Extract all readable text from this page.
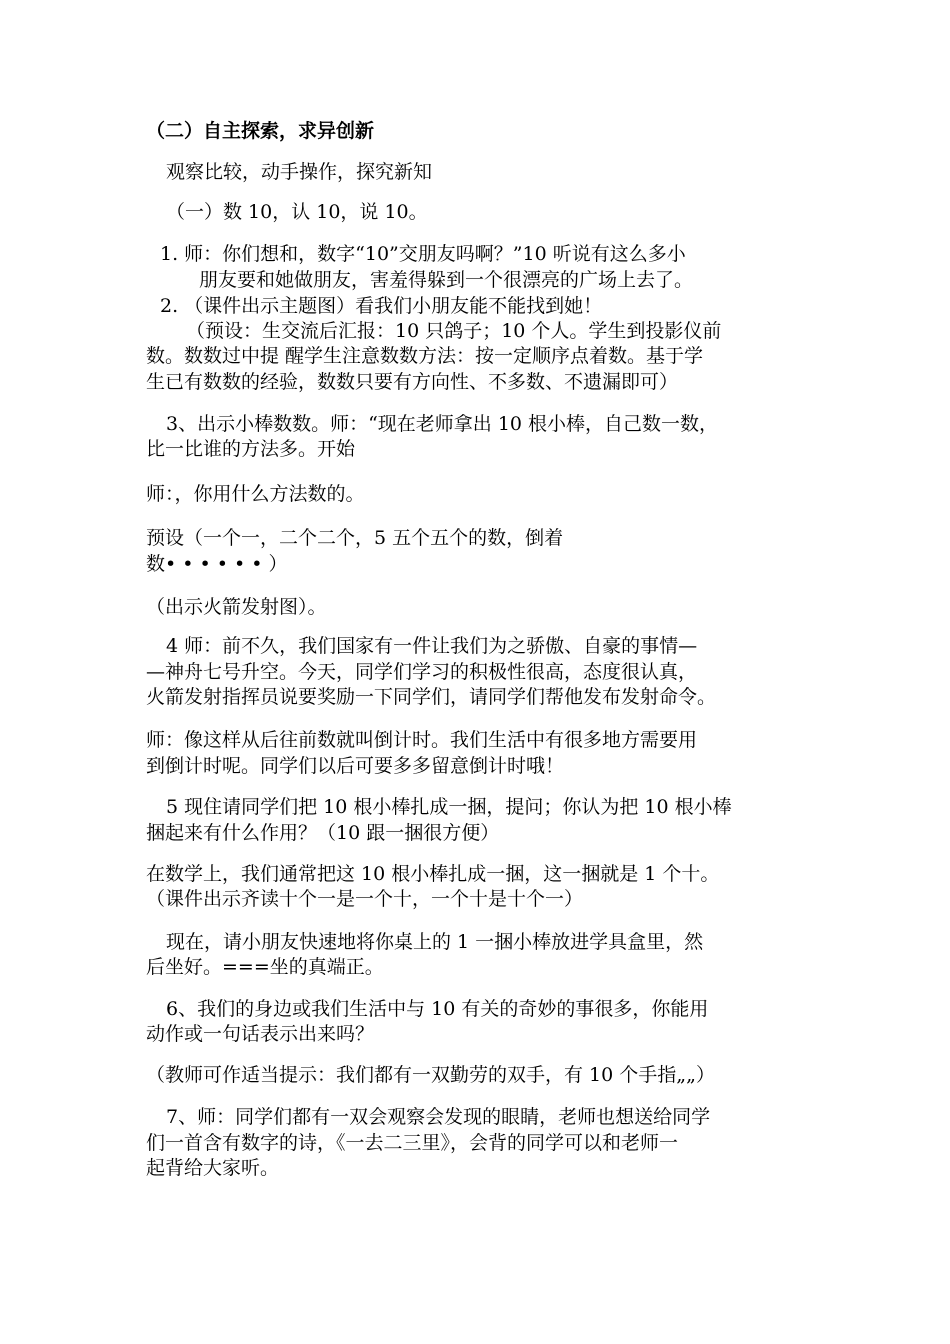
（二）自主探索，求异创新
观察比较，动手操作，探究新知
（一）数 10，认 10，说 10。
1. 师：你们想和，数字“10”交朋友吗啊？”10 听说有这么多小
朋友要和她做朋友，害羞得躲到一个很漂亮的广场上去了。
2. （课件出示主题图）看我们小朋友能不能找到她！
（预设：生交流后汇报：10 只鸽子；10 个人。学生到投影仪前
数。数数过中提 醒学生注意数数方法：按一定顺序点着数。基于学
生已有数数的经验，数数只要有方向性、不多数、不遗漏即可）
3、出示小棒数数。师：“现在老师拿出 10 根小棒，自己数一数，
比一比谁的方法多。开始
师：，你用什么方法数的。
预设（一个一，二个二个，5 五个五个的数，倒着
数• • • • • • ）
（出示火箭发射图）。
4 师：前不久，我们国家有一件让我们为之骄傲、自豪的事情—
—神舟七号升空。今天，同学们学习的积极性很高，态度很认真，
火箭发射指挥员说要奖励一下同学们，请同学们帮他发布发射命令。
师：像这样从后往前数就叫倒计时。我们生活中有很多地方需要用
到倒计时呢。同学们以后可要多多留意倒计时哦！
5 现住请同学们把 10 根小棒扎成一捆，提问；你认为把 10 根小棒
捆起来有什么作用？（10 跟一捆很方便）
在数学上，我们通常把这 10 根小棒扎成一捆，这一捆就是 1 个十。
（课件出示齐读十个一是一个十，一个十是十个一）
现在，请小朋友快速地将你桌上的 1 一捆小棒放进学具盒里，然
后坐好。===坐的真端正。
6、我们的身边或我们生活中与 10 有关的奇妙的事很多，你能用
动作或一句话表示出来吗？
（教师可作适当提示：我们都有一双勤劳的双手，有 10 个手指„„）
7、师：同学们都有一双会观察会发现的眼睛，老师也想送给同学
们一首含有数字的诗，《一去二三里》，会背的同学可以和老师一
起背给大家听。
